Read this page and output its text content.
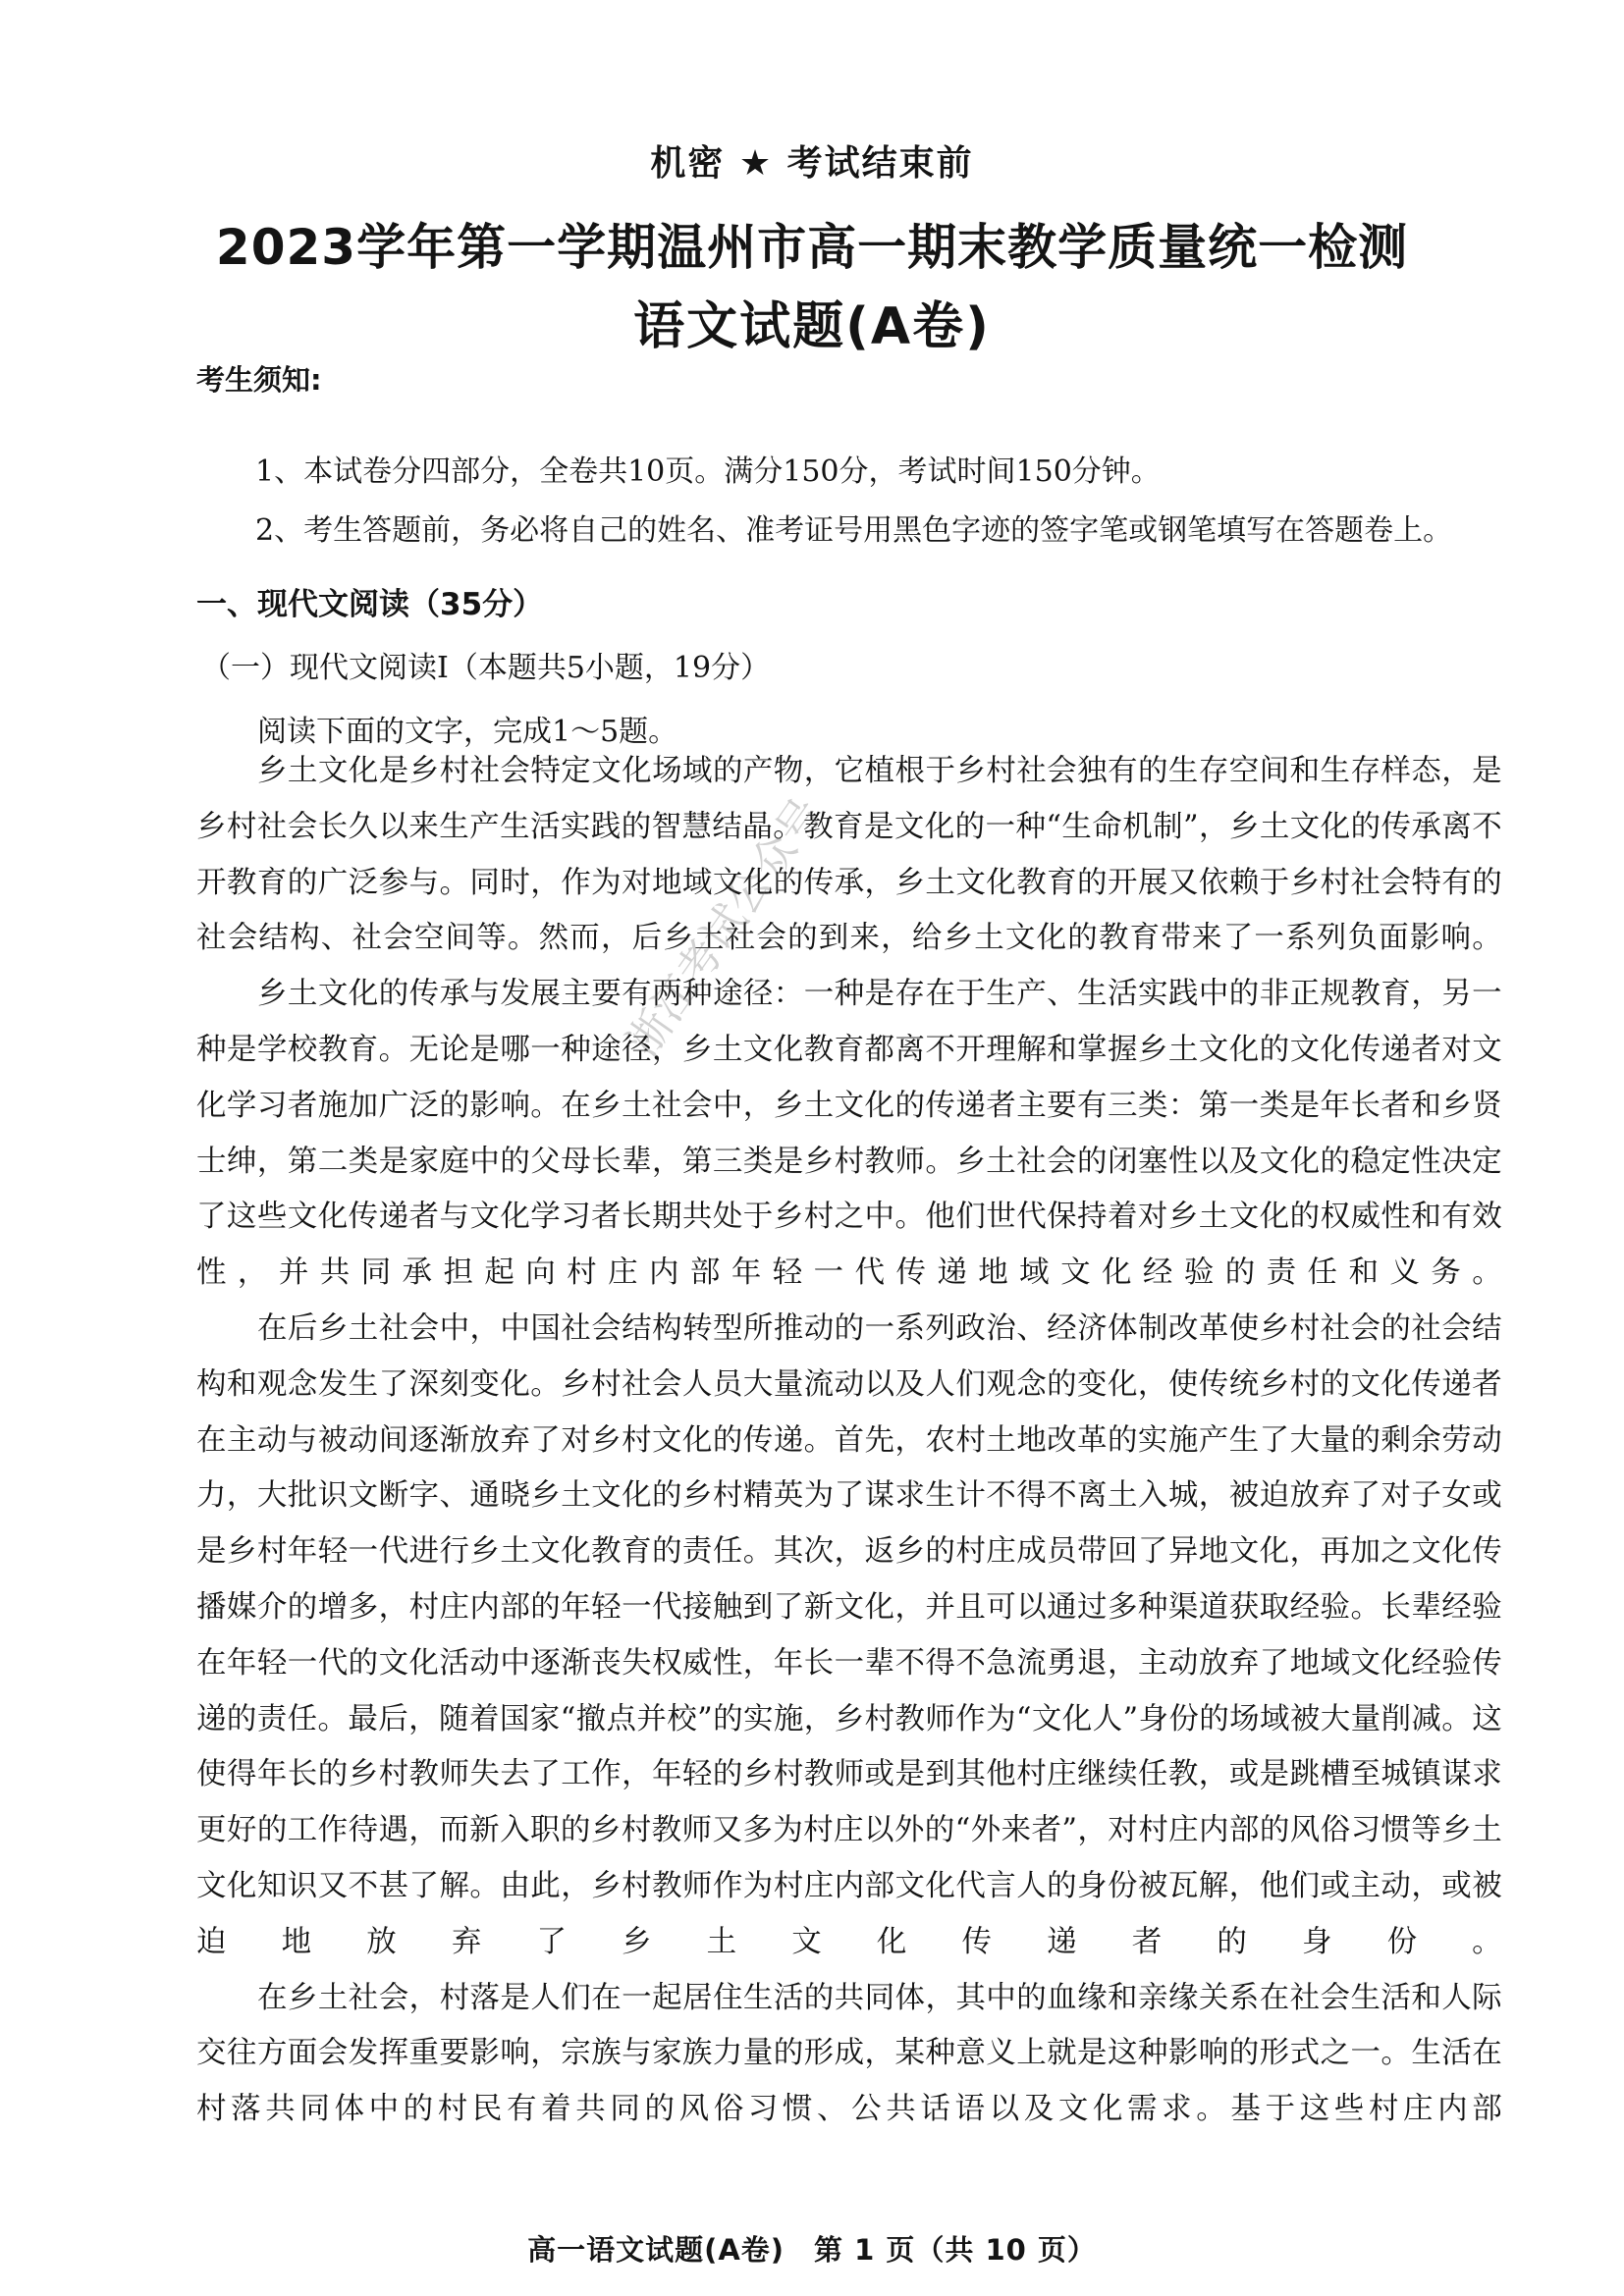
机密 ★ 考试结束前
2023学年第一学期温州市高一期末教学质量统一检测
语文试题(A卷)
考生须知:
1、本试卷分四部分，全卷共10页。满分150分，考试时间150分钟。
2、考生答题前，务必将自己的姓名、准考证号用黑色字迹的签字笔或钢笔填写在答题卷上。
一、现代文阅读（35分）
（一）现代文阅读Ⅰ（本题共5小题，19分）
阅读下面的文字，完成1～5题。

乡土文化是乡村社会特定文化场域的产物，它植根于乡村社会独有的生存空间和生存样态，是乡村社会长久以来生产生活实践的智慧结晶。教育是文化的一种“生命机制”，乡土文化的传承离不开教育的广泛参与。同时，作为对地域文化的传承，乡土文化教育的开展又依赖于乡村社会特有的社会结构、社会空间等。然而，后乡土社会的到来，给乡土文化的教育带来了一系列负面影响。

乡土文化的传承与发展主要有两种途径：一种是存在于生产、生活实践中的非正规教育，另一种是学校教育。无论是哪一种途径，乡土文化教育都离不开理解和掌握乡土文化的文化传递者对文化学习者施加广泛的影响。在乡土社会中，乡土文化的传递者主要有三类：第一类是年长者和乡贤士绅，第二类是家庭中的父母长辈，第三类是乡村教师。乡土社会的闭塞性以及文化的稳定性决定了这些文化传递者与文化学习者长期共处于乡村之中。他们世代保持着对乡土文化的权威性和有效性，并共同承担起向村庄内部年轻一代传递地域文化经验的责任和义务。

在后乡土社会中，中国社会结构转型所推动的一系列政治、经济体制改革使乡村社会的社会结构和观念发生了深刻变化。乡村社会人员大量流动以及人们观念的变化，使传统乡村的文化传递者在主动与被动间逐渐放弃了对乡村文化的传递。首先，农村土地改革的实施产生了大量的剩余劳动力，大批识文断字、通晓乡土文化的乡村精英为了谋求生计不得不离土入城，被迫放弃了对子女或是乡村年轻一代进行乡土文化教育的责任。其次，返乡的村庄成员带回了异地文化，再加之文化传播媒介的增多，村庄内部的年轻一代接触到了新文化，并且可以通过多种渠道获取经验。长辈经验在年轻一代的文化活动中逐渐丧失权威性，年长一辈不得不急流勇退，主动放弃了地域文化经验传递的责任。最后，随着国家“撤点并校”的实施，乡村教师作为“文化人”身份的场域被大量削减。这使得年长的乡村教师失去了工作，年轻的乡村教师或是到其他村庄继续任教，或是跳槽至城镇谋求更好的工作待遇，而新入职的乡村教师又多为村庄以外的“外来者”，对村庄内部的风俗习惯等乡土文化知识又不甚了解。由此，乡村教师作为村庄内部文化代言人的身份被瓦解，他们或主动，或被迫地放弃了乡土文化传递者的身份。

在乡土社会，村落是人们在一起居住生活的共同体，其中的血缘和亲缘关系在社会生活和人际交往方面会发挥重要影响，宗族与家族力量的形成，某种意义上就是这种影响的形式之一。生活在村落共同体中的村民有着共同的风俗习惯、公共话语以及文化需求。基于这些村庄内部

浙江考试公众号
高一语文试题(A卷)　第 1 页（共 10 页）
